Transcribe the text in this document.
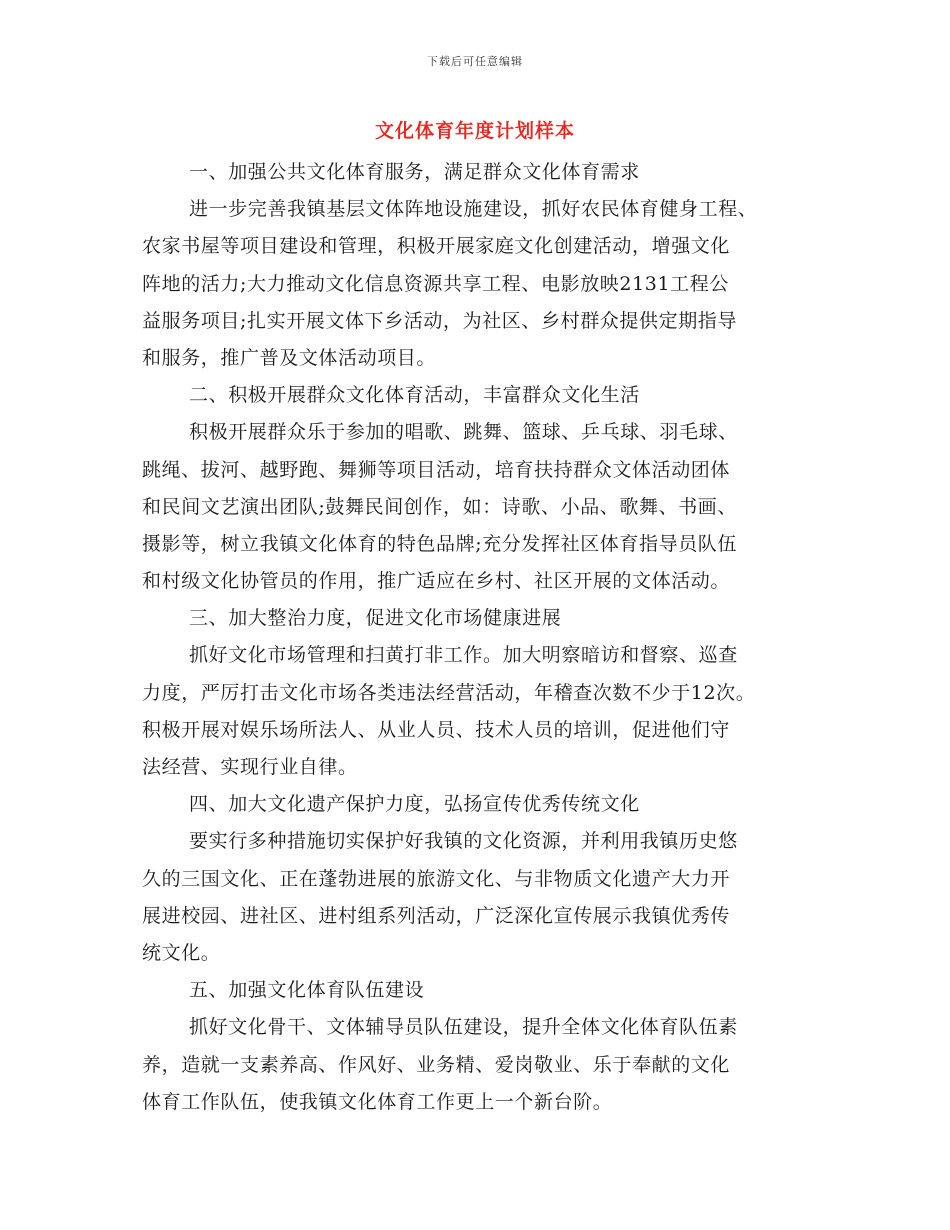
下载后可任意编辑
文化体育年度计划样本
一、加强公共文化体育服务，满足群众文化体育需求
进一步完善我镇基层文体阵地设施建设，抓好农民体育健身工程、
农家书屋等项目建设和管理，积极开展家庭文化创建活动，增强文化
阵地的活力;大力推动文化信息资源共享工程、电影放映2131工程公
益服务项目;扎实开展文体下乡活动，为社区、乡村群众提供定期指导
和服务，推广普及文体活动项目。
二、积极开展群众文化体育活动，丰富群众文化生活
积极开展群众乐于参加的唱歌、跳舞、篮球、乒乓球、羽毛球、
跳绳、拔河、越野跑、舞狮等项目活动，培育扶持群众文体活动团体
和民间文艺演出团队;鼓舞民间创作，如：诗歌、小品、歌舞、书画、
摄影等，树立我镇文化体育的特色品牌;充分发挥社区体育指导员队伍
和村级文化协管员的作用，推广适应在乡村、社区开展的文体活动。
三、加大整治力度，促进文化市场健康进展
抓好文化市场管理和扫黄打非工作。加大明察暗访和督察、巡查
力度，严厉打击文化市场各类违法经营活动，年稽查次数不少于12次。
积极开展对娱乐场所法人、从业人员、技术人员的培训，促进他们守
法经营、实现行业自律。
四、加大文化遗产保护力度，弘扬宣传优秀传统文化
要实行多种措施切实保护好我镇的文化资源，并利用我镇历史悠
久的三国文化、正在蓬勃进展的旅游文化、与非物质文化遗产大力开
展进校园、进社区、进村组系列活动，广泛深化宣传展示我镇优秀传
统文化。
五、加强文化体育队伍建设
抓好文化骨干、文体辅导员队伍建设，提升全体文化体育队伍素
养，造就一支素养高、作风好、业务精、爱岗敬业、乐于奉献的文化
体育工作队伍，使我镇文化体育工作更上一个新台阶。
